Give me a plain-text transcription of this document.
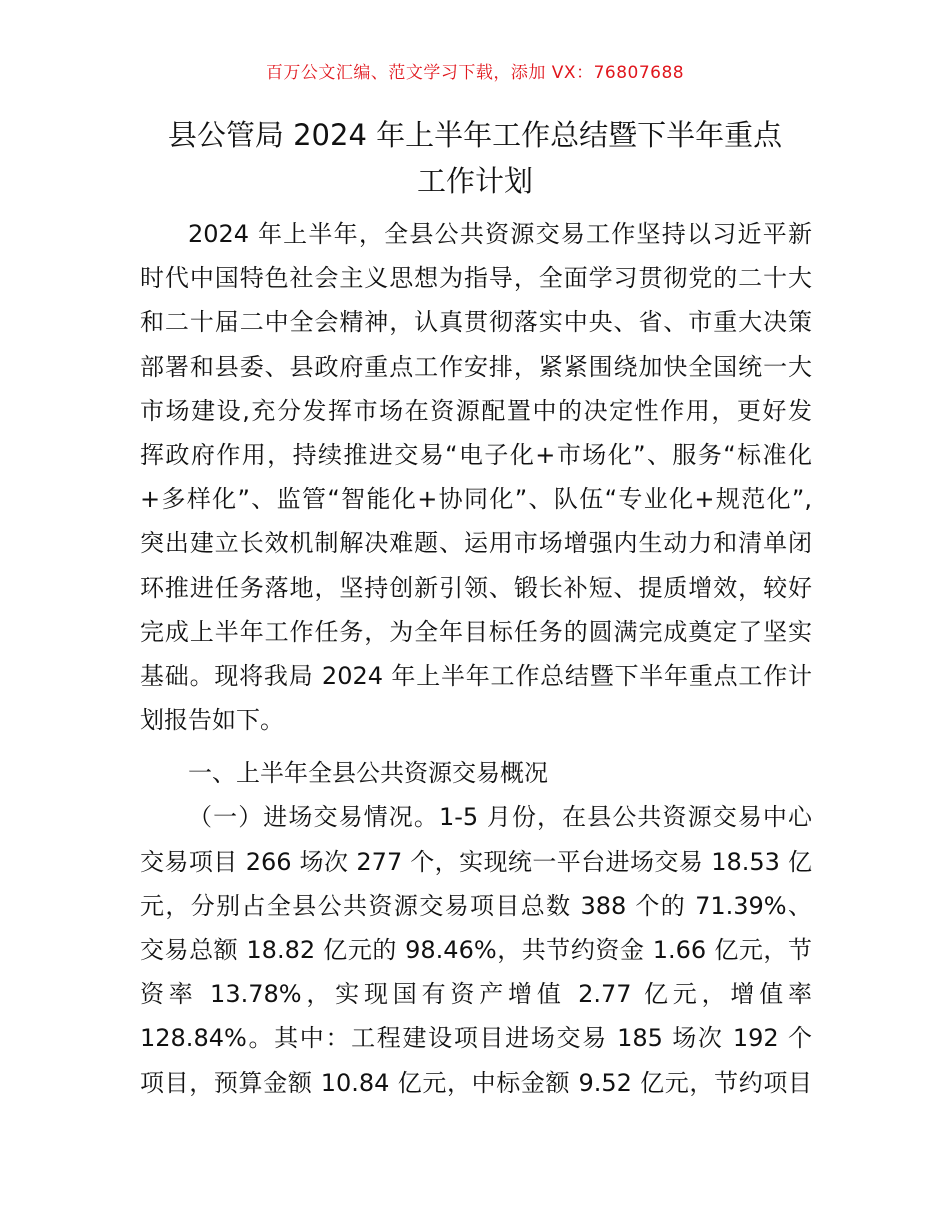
百万公文汇编、范文学习下载，添加 VX：76807688
县公管局 2024 年上半年工作总结暨下半年重点
工作计划
2024 年上半年，全县公共资源交易工作坚持以习近平新
时代中国特色社会主义思想为指导，全面学习贯彻党的二十大
和二十届二中全会精神，认真贯彻落实中央、省、市重大决策
部署和县委、县政府重点工作安排，紧紧围绕加快全国统一大
市场建设,充分发挥市场在资源配置中的决定性作用，更好发
挥政府作用，持续推进交易“电子化+市场化”、服务“标准化
+多样化”、监管“智能化+协同化”、队伍“专业化+规范化”,
突出建立长效机制解决难题、运用市场增强内生动力和清单闭
环推进任务落地，坚持创新引领、锻长补短、提质增效，较好
完成上半年工作任务，为全年目标任务的圆满完成奠定了坚实
基础。现将我局 2024 年上半年工作总结暨下半年重点工作计
划报告如下。
一、上半年全县公共资源交易概况
（一）进场交易情况。1-5 月份，在县公共资源交易中心
交易项目 266 场次 277 个，实现统一平台进场交易 18.53 亿
元，分别占全县公共资源交易项目总数 388 个的 71.39%、
交易总额 18.82 亿元的 98.46%，共节约资金 1.66 亿元，节
资率 13.78%，实现国有资产增值 2.77 亿元，增值率
128.84%。其中：工程建设项目进场交易 185 场次 192 个
项目，预算金额 10.84 亿元，中标金额 9.52 亿元，节约项目
